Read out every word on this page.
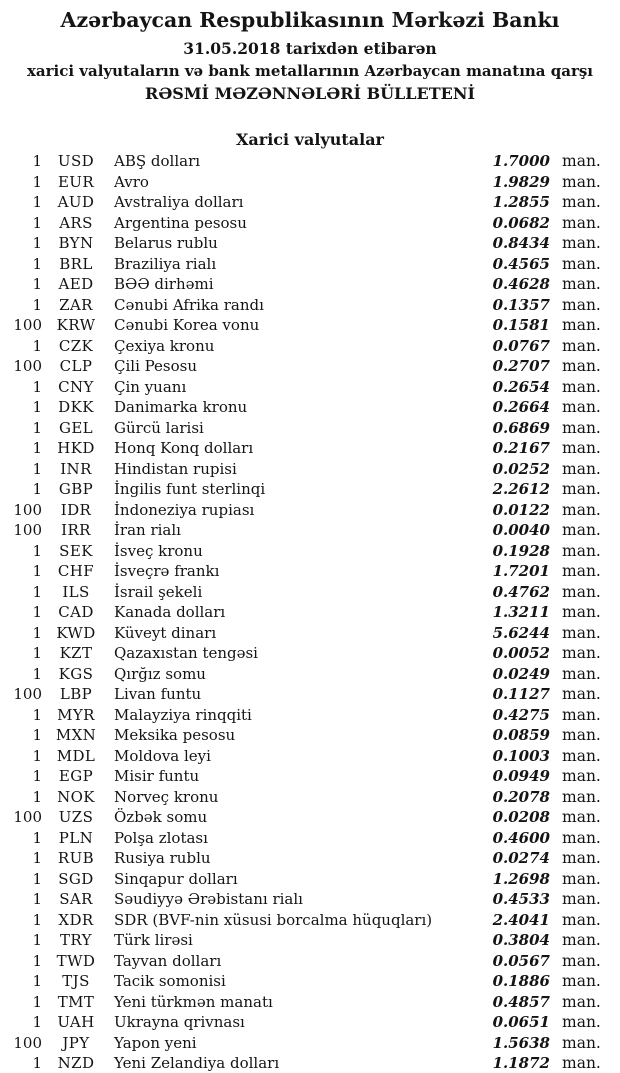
Azərbaycan Respublikasının Mərkəzi Bankı
31.05.2018 tarixdən etibarən
xarici valyutaların və bank metallarının Azərbaycan manatına qarşı
RƏSMİ MƏZƏNNƏLƏRİ BÜLLETENİ
Xarici valyutalar
1	USD	ABŞ dolları	1.7000 man.
1	EUR	Avro	1.9829 man.
1	AUD	Avstraliya dolları	1.2855 man.
1	ARS	Argentina pesosu	0.0682 man.
1	BYN	Belarus rublu	0.8434 man.
1	BRL	Braziliya rialı	0.4565 man.
1	AED	BƏƏ dirhəmi	0.4628 man.
1	ZAR	Cənubi Afrika randı	0.1357 man.
100 KRW	Cənubi Korea vonu	0.1581 man.
1	CZK	Çexiya kronu	0.0767 man.
100	CLP	Çili Pesosu	0.2707 man.
1	CNY	Çin yuanı	0.2654 man.
1	DKK	Danimarka kronu	0.2664 man.
1	GEL	Gürcü larisi	0.6869 man.
1	HKD	Honq Konq dolları	0.2167 man.
1	INR	Hindistan rupisi	0.0252 man.
1	GBP	İngilis funt sterlinqi	2.2612 man.
100	IDR	İndoneziya rupiası	0.0122 man.
100	IRR	İran rialı	0.0040 man.
1	SEK	İsveç kronu	0.1928 man.
1	CHF	İsveçrə frankı	1.7201 man.
1	ILS	İsrail şekeli	0.4762 man.
1	CAD	Kanada dolları	1.3211 man.
1 KWD	Küveyt dinarı	5.6244 man.
1	KZT	Qazaxıstan tengəsi	0.0052 man.
1	KGS	Qırğız somu	0.0249 man.
100	LBP	Livan funtu	0.1127 man.
1	MYR	Malayziya rinqqiti	0.4275 man.
1 MXN	Meksika pesosu	0.0859 man.
1 MDL	Moldova leyi	0.1003 man.
1	EGP	Misir funtu	0.0949 man.
1	NOK	Norveç kronu	0.2078 man.
100	UZS	Özbək somu	0.0208 man.
1	PLN	Polşa zlotası	0.4600 man.
1	RUB	Rusiya rublu	0.0274 man.
1	SGD	Sinqapur dolları	1.2698 man.
1	SAR	Səudiyyə Ərəbistanı rialı	0.4533 man.
1	XDR	SDR (BVF-nin xüsusi borcalma hüquqları)	2.4041 man.
1	TRY	Türk lirəsi	0.3804 man.
1 TWD	Tayvan dolları	0.0567 man.
1	TJS	Tacik somonisi	0.1886 man.
1	TMT	Yeni türkmən manatı	0.4857 man.
1	UAH	Ukrayna qrivnası	0.0651 man.
100	JPY	Yapon yeni	1.5638 man.
1	NZD	Yeni Zelandiya dolları	1.1872 man.
